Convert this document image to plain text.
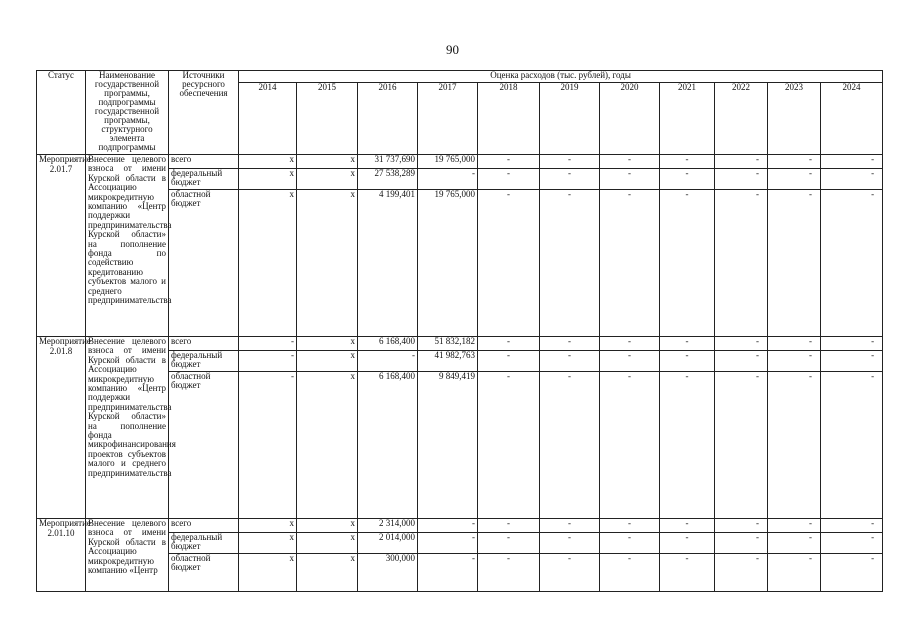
90
Статус	Наименование государственной программы, подпрограммы государственной программы, структурного элемента подпрограммы	Источники ресурсного обеспечения	Оценка расходов (тыс. рублей), годы										
			2014	2015	2016	2017	2018	2019	2020	2021	2022	2023	2024
Мероприятие 2.01.7	Внесение целевого взноса от имени Курской области в Ассоциацию микрокредитную компанию «Центр поддержки предпринимательства Курской области» на пополнение фонда по содействию кредитованию субъектов малого и среднего предпринимательства	всего	х	х	31 737,690	19 765,000	-	-	-	-	-	-	-
		федеральный бюджет	х	х	27 538,289	-	-	-	-	-	-	-	-
		областной бюджет	х	х	4 199,401	19 765,000	-	-	-	-	-	-	-
Мероприятие 2.01.8	Внесение целевого взноса от имени Курской области в Ассоциацию микрокредитную компанию «Центр поддержки предпринимательства Курской области» на пополнение фонда микрофинансирования проектов субъектов малого и среднего предпринимательства	всего	-	х	6 168,400	51 832,182	-	-	-	-	-	-	-
		федеральный бюджет	-	х	-	41 982,763	-	-	-	-	-	-	-
		областной бюджет	-	х	6 168,400	9 849,419	-	-	-	-	-	-	-
Мероприятие 2.01.10	Внесение целевого взноса от имени Курской области в Ассоциацию микрокредитную компанию «Центр	всего	х	х	2 314,000	-	-	-	-	-	-	-	-
		федеральный бюджет	х	х	2 014,000	-	-	-	-	-	-	-	-
		областной бюджет	х	х	300,000	-	-	-	-	-	-	-	-
